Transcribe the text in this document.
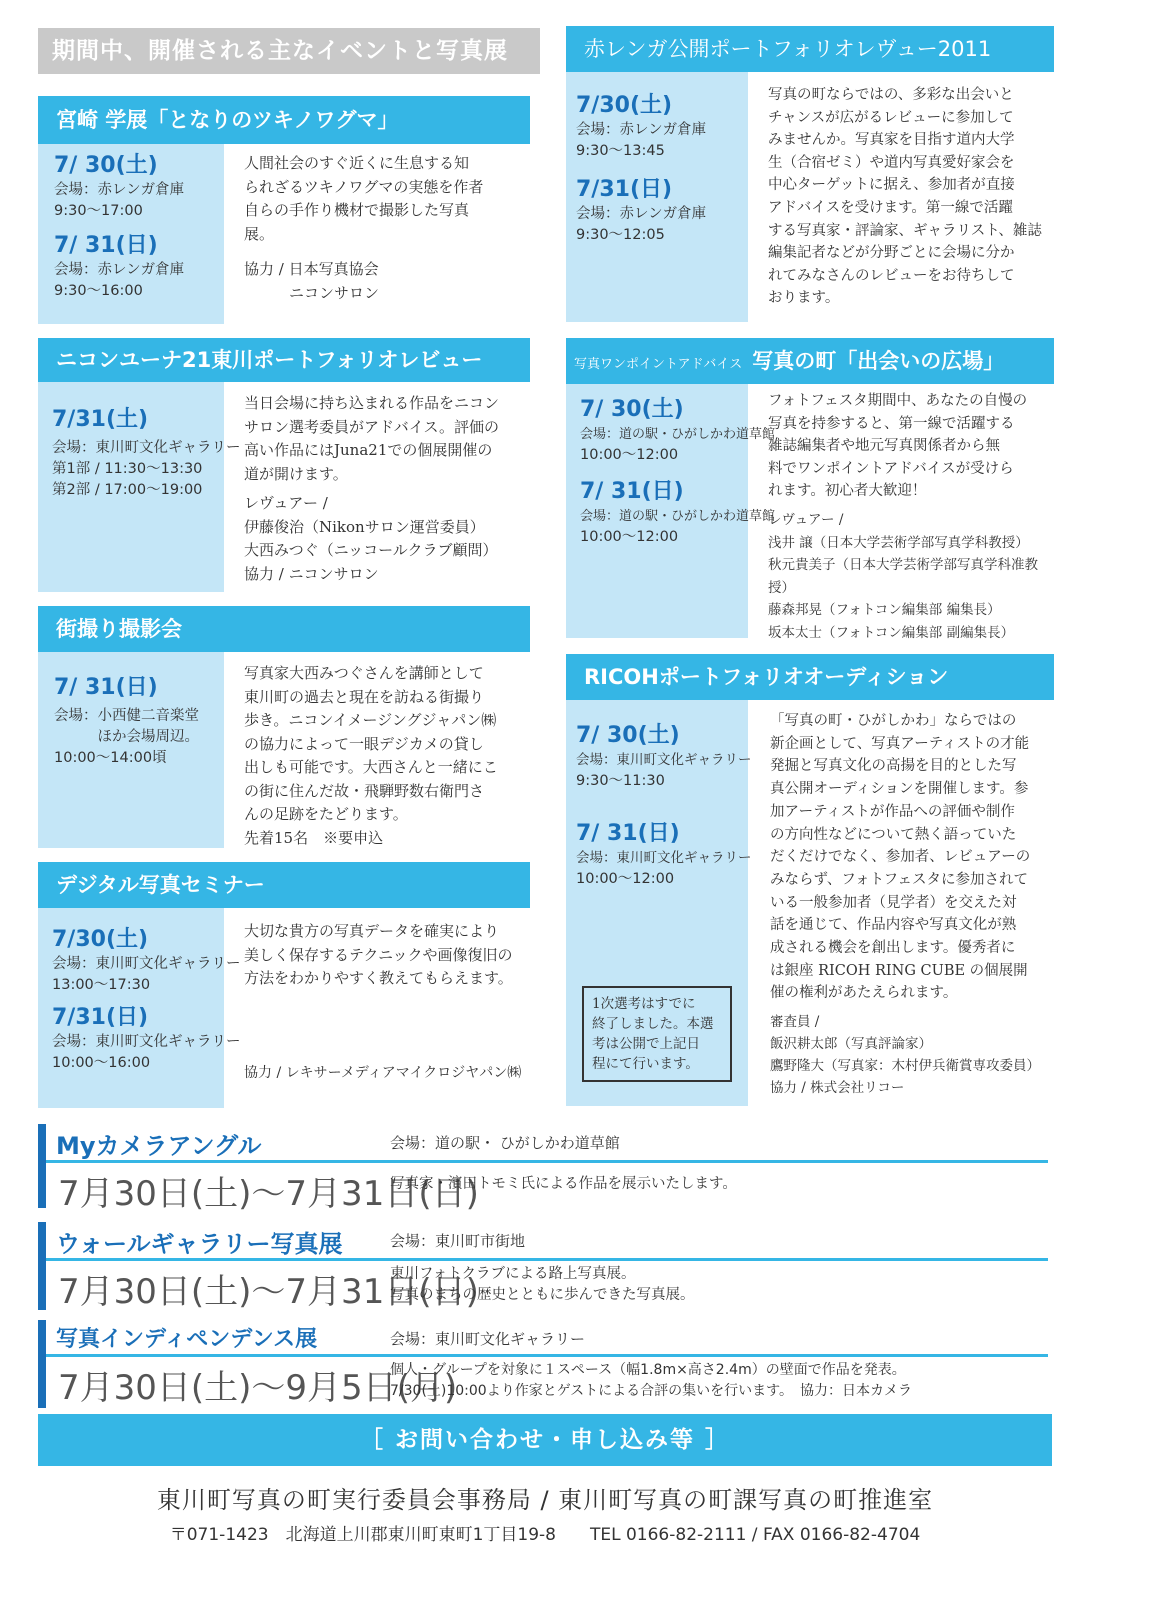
期間中、開催される主なイベントと写真展
宮崎 学展「となりのツキノワグマ」
7/ 30(土)
会場：赤レンガ倉庫
9:30〜17:00
7/ 31(日)
会場：赤レンガ倉庫
9:30〜16:00

人間社会のすぐ近くに生息する知
られざるツキノワグマの実態を作者
自らの手作り機材で撮影した写真
展。

協力 / 日本写真協会
　　　ニコンサロン

ニコンユーナ21東川ポートフォリオレビュー
7/31(土)
会場：東川町文化ギャラリー
第1部 / 11:30〜13:30
第2部 / 17:00〜19:00

当日会場に持ち込まれる作品をニコン
サロン選考委員がアドバイス。評価の
高い作品にはJuna21での個展開催の
道が開けます。

レヴュアー /
伊藤俊治（Nikonサロン運営委員）
大西みつぐ（ニッコールクラブ顧問）
協力 / ニコンサロン

街撮り撮影会
7/ 31(日)
会場：小西健二音楽堂
　　　ほか会場周辺。
10:00〜14:00頃

写真家大西みつぐさんを講師として
東川町の過去と現在を訪ねる街撮り
歩き。ニコンイメージングジャパン㈱
の協力によって一眼デジカメの貸し
出しも可能です。大西さんと一緒にこ
の街に住んだ故・飛騨野数右衛門さ
んの足跡をたどります。
先着15名　※要申込

デジタル写真セミナー
7/30(土)
会場：東川町文化ギャラリー
13:00〜17:30
7/31(日)
会場：東川町文化ギャラリー
10:00〜16:00

大切な貴方の写真データを確実により
美しく保存するテクニックや画像復旧の
方法をわかりやすく教えてもらえます。

協力 / レキサーメディアマイクロジヤパン㈱
赤レンガ公開ポートフォリオレヴュー2011
7/30(土)
会場：赤レンガ倉庫
9:30〜13:45
7/31(日)
会場：赤レンガ倉庫
9:30〜12:05

写真の町ならではの、多彩な出会いと
チャンスが広がるレビューに参加して
みませんか。写真家を目指す道内大学
生（合宿ゼミ）や道内写真愛好家会を
中心ターゲットに据え、参加者が直接
アドバイスを受けます。第一線で活躍
する写真家・評論家、ギャラリスト、雑誌
編集記者などが分野ごとに会場に分か
れてみなさんのレビューをお待ちして
おります。

写真ワンポイントアドバイス 写真の町「出会いの広場」
7/ 30(土)
会場：道の駅・ひがしかわ道草館
10:00〜12:00
7/ 31(日)
会場：道の駅・ひがしかわ道草館
10:00〜12:00

フォトフェスタ期間中、あなたの自慢の
写真を持参すると、第一線で活躍する
雑誌編集者や地元写真関係者から無
料でワンポイントアドバイスが受けら
れます。初心者大歓迎！

レヴュアー /
浅井 譲（日本大学芸術学部写真学科教授）
秋元貴美子（日本大学芸術学部写真学科准教授）
藤森邦晃（フォトコン編集部 編集長）
坂本太士（フォトコン編集部 副編集長）

RICOHポートフォリオオーディション
7/ 30(土)
会場：東川町文化ギャラリー
9:30〜11:30
7/ 31(日)
会場：東川町文化ギャラリー
10:00〜12:00
1次選考はすでに
終了しました。本選
考は公開で上記日
程にて行います。

「写真の町・ひがしかわ」ならではの
新企画として、写真アーティストの才能
発掘と写真文化の高揚を目的とした写
真公開オーディションを開催します。参
加アーティストが作品への評価や制作
の方向性などについて熱く語っていた
だくだけでなく、参加者、レビュアーの
みならず、フォトフェスタに参加されて
いる一般参加者（見学者）を交えた対
話を通じて、作品内容や写真文化が熟
成される機会を創出します。優秀者に
は銀座 RICOH RING CUBE の個展開
催の権利があたえられます。

審査員 /
飯沢耕太郎（写真評論家）
鷹野隆大（写真家：木村伊兵衛賞専攻委員）
協力 / 株式会社リコー

Myカメラアングル	会場：道の駅・ ひがしかわ道草館
7月30日(土)〜7月31日(日)
写真家・濱田トモミ氏による作品を展示いたします。
ウォールギャラリー写真展	会場：東川町市街地
7月30日(土)〜7月31日(日)
東川フォトクラブによる路上写真展。
写真のまちの歴史とともに歩んできた写真展。
写真インディペンデンス展	会場：東川町文化ギャラリー
7月30日(土)〜9月5日(月)
個人・グループを対象に１スペース（幅1.8m×高さ2.4m）の壁面で作品を発表。
7/30(土)10:00より作家とゲストによる合評の集いを行います。　協力：日本カメラ
［ お問い合わせ・申し込み等 ］
東川町写真の町実行委員会事務局 / 東川町写真の町課写真の町推進室
〒071-1423　北海道上川郡東川町東町1丁目19-8　　TEL 0166-82-2111 / FAX 0166-82-4704
